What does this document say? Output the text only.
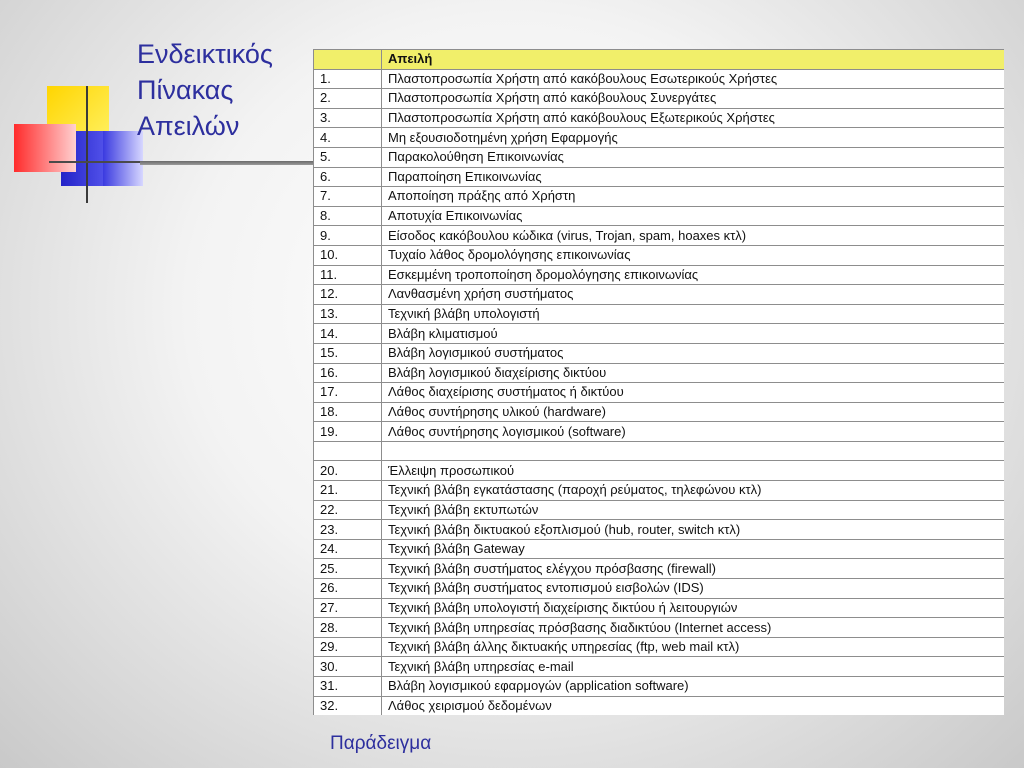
Ενδεικτικός
Πίνακας
Απειλών
	Απειλή
1.	Πλαστοπροσωπία Χρήστη από κακόβουλους Εσωτερικούς Χρήστες
2.	Πλαστοπροσωπία Χρήστη από κακόβουλους Συνεργάτες
3.	Πλαστοπροσωπία Χρήστη από κακόβουλους Εξωτερικούς Χρήστες
4.	Μη εξουσιοδοτημένη χρήση Εφαρμογής
5.	Παρακολούθηση Επικοινωνίας
6.	Παραποίηση Επικοινωνίας
7.	Αποποίηση πράξης από Χρήστη
8.	Αποτυχία Επικοινωνίας
9.	Είσοδος κακόβουλου κώδικα (virus, Trojan, spam, hoaxes κτλ)
10.	Τυχαίο λάθος δρομολόγησης επικοινωνίας
11.	Εσκεμμένη τροποποίηση δρομολόγησης επικοινωνίας
12.	Λανθασμένη χρήση συστήματος
13.	Τεχνική βλάβη υπολογιστή
14.	Βλάβη κλιματισμού
15.	Βλάβη λογισμικού συστήματος
16.	Βλάβη λογισμικού διαχείρισης δικτύου
17.	Λάθος διαχείρισης συστήματος ή δικτύου
18.	Λάθος συντήρησης υλικού (hardware)
19.	Λάθος συντήρησης λογισμικού (software)

20.	Έλλειψη προσωπικού
21.	Τεχνική βλάβη εγκατάστασης (παροχή ρεύματος, τηλεφώνου κτλ)
22.	Τεχνική βλάβη εκτυπωτών
23.	Τεχνική βλάβη δικτυακού εξοπλισμού (hub, router, switch κτλ)
24.	Τεχνική βλάβη Gateway
25.	Τεχνική βλάβη συστήματος ελέγχου πρόσβασης (firewall)
26.	Τεχνική βλάβη συστήματος εντοπισμού εισβολών (IDS)
27.	Τεχνική βλάβη υπολογιστή διαχείρισης δικτύου ή λειτουργιών
28.	Τεχνική βλάβη υπηρεσίας πρόσβασης διαδικτύου (Internet access)
29.	Τεχνική βλάβη άλλης δικτυακής υπηρεσίας (ftp, web mail κτλ)
30.	Τεχνική βλάβη υπηρεσίας e-mail
31.	Βλάβη λογισμικού εφαρμογών (application software)
32.	Λάθος χειρισμού δεδομένων
Παράδειγμα
